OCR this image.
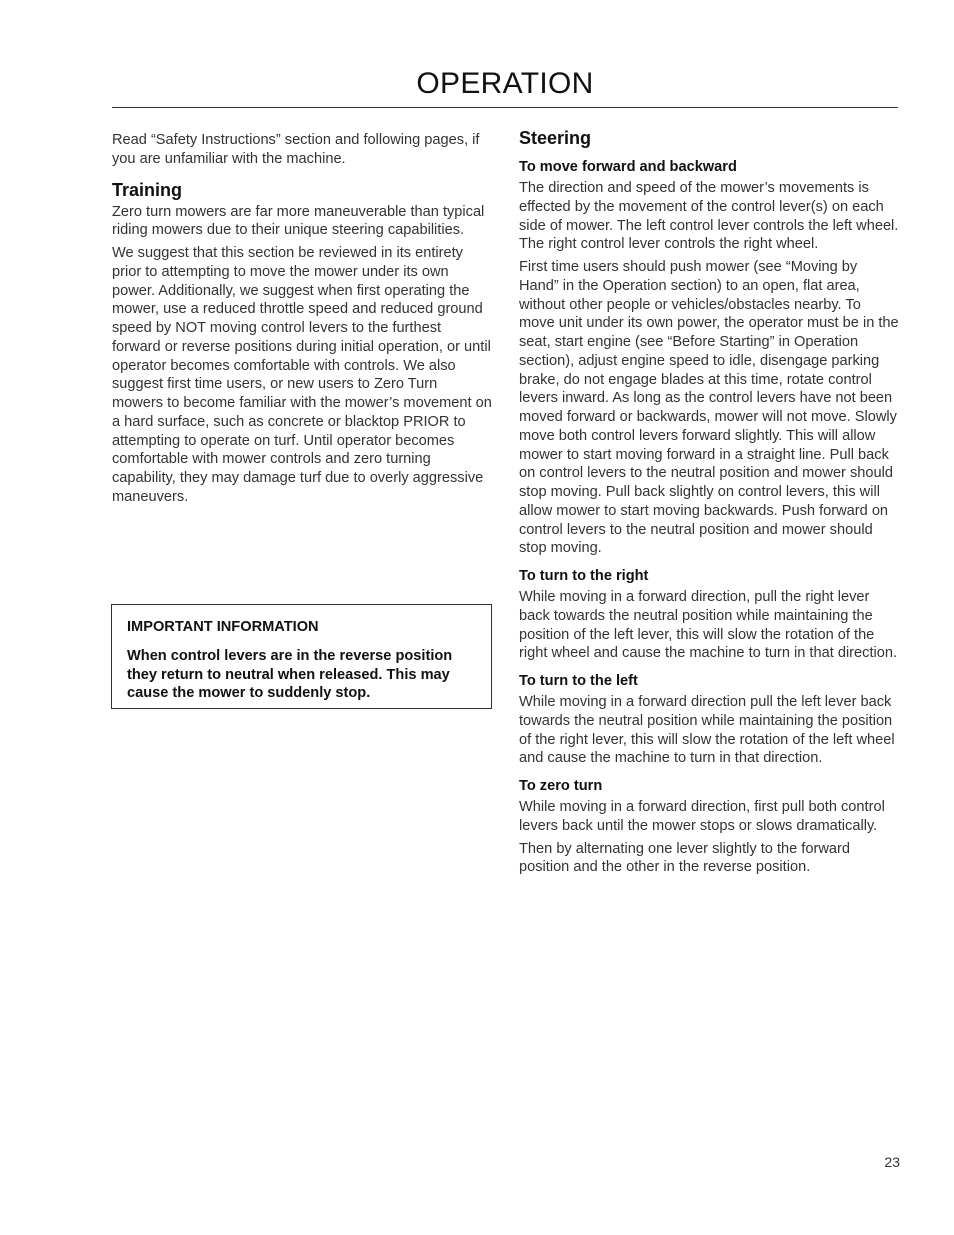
OPERATION

Read “Safety Instructions” section and following pages, if you are unfamiliar with the machine.

Training

Zero turn mowers are far more maneuverable than typical riding mowers due to their unique steering capabilities.

We suggest that this section be reviewed in its entirety prior to attempting to move the mower under its own power. Additionally, we suggest when first operating the mower, use a reduced throttle speed and reduced ground speed by NOT moving control levers to the furthest forward or reverse positions during initial operation, or until operator becomes comfortable with controls. We also suggest first time users, or new users to Zero Turn mowers to become familiar with the mower’s movement on a hard surface, such as concrete or blacktop PRIOR to attempting to operate on turf. Until operator becomes comfortable with mower controls and zero turning capability, they may damage turf due to overly aggressive maneuvers.

IMPORTANT INFORMATION

When control levers are in the reverse position they return to neutral when released. This may cause the mower to suddenly stop.

Steering
To move forward and backward

The direction and speed of the mower’s movements is effected by the movement of the control lever(s) on each side of mower. The left control lever controls the left wheel. The right control lever controls the right wheel.

First time users should push mower (see “Moving by Hand” in the Operation section) to an open, flat area, without other people or vehicles/obstacles nearby. To move unit under its own power, the operator must be in the seat, start engine (see “Before Starting” in Operation section), adjust engine speed to idle, disengage parking brake, do not engage blades at this time, rotate control levers inward. As long as the control levers have not been moved forward or backwards, mower will not move. Slowly move both control levers forward slightly. This will allow mower to start moving forward in a straight line. Pull back on control levers to the neutral position and mower should stop moving. Pull back slightly on control levers, this will allow mower to start moving backwards. Push forward on control levers to the neutral position and mower should stop moving.

To turn to the right

While moving in a forward direction, pull the right lever back towards the neutral position while maintaining the position of the left lever, this will slow the rotation of the right wheel and cause the machine to turn in that direction.

To turn to the left

While moving in a forward direction pull the left lever back towards the neutral position while maintaining the position of the right lever, this will slow the rotation of the left wheel and cause the machine to turn in that direction.

To zero turn

While moving in a forward direction, first pull both control levers back until the mower stops or slows dramatically.

Then by alternating one lever slightly to the forward position and the other in the reverse position.

23
